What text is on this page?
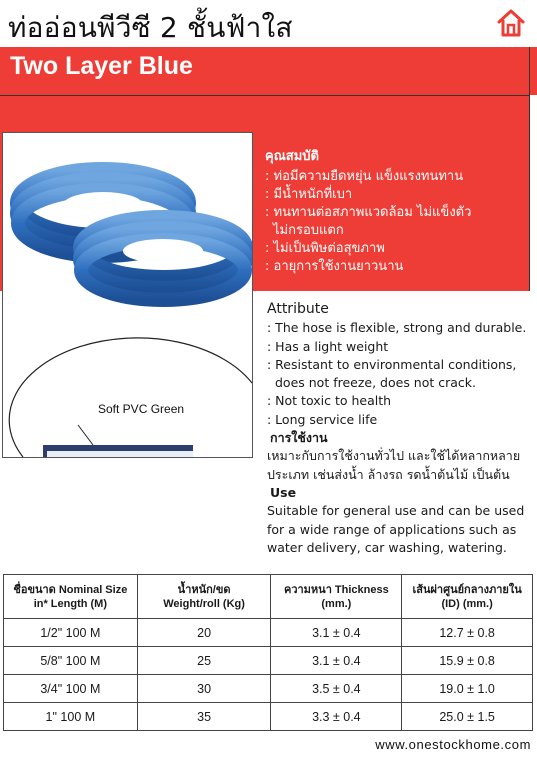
ท่ออ่อนพีวีซี 2 ชั้นฟ้าใส
Two Layer Blue
Soft PVC Green
คุณสมบัติ
: ท่อมีความยืดหยุ่น แข็งแรงทนทาน
: มีน้ำหนักที่เบา
: ทนทานต่อสภาพแวดล้อม ไม่แข็งตัว
ไม่กรอบแตก
: ไม่เป็นพิษต่อสุขภาพ
: อายุการใช้งานยาวนาน
Attribute
: The hose is flexible, strong and durable.
: Has a light weight
: Resistant to environmental conditions,
does not freeze, does not crack.
: Not toxic to health
: Long service life
การใช้งาน
เหมาะกับการใช้งานทั่วไป และใช้ได้หลากหลาย
ประเภท เช่นส่งน้ำ ล้างรถ รดน้ำต้นไม้ เป็นต้น
Use
Suitable for general use and can be used
for a wide range of applications such as
water delivery, car washing, watering.
ชื่อขนาด Nominal Size
in* Length (M)	น้ำหนัก/ขด
Weight/roll (Kg)	ความหนา Thickness
(mm.)	เส้นผ่าศูนย์กลางภายใน
(ID) (mm.)
1/2" 100 M	20	3.1 ± 0.4	12.7 ± 0.8
5/8" 100 M	25	3.1 ± 0.4	15.9 ± 0.8
3/4" 100 M	30	3.5 ± 0.4	19.0 ± 1.0
1" 100 M	35	3.3 ± 0.4	25.0 ± 1.5
www.onestockhome.com
